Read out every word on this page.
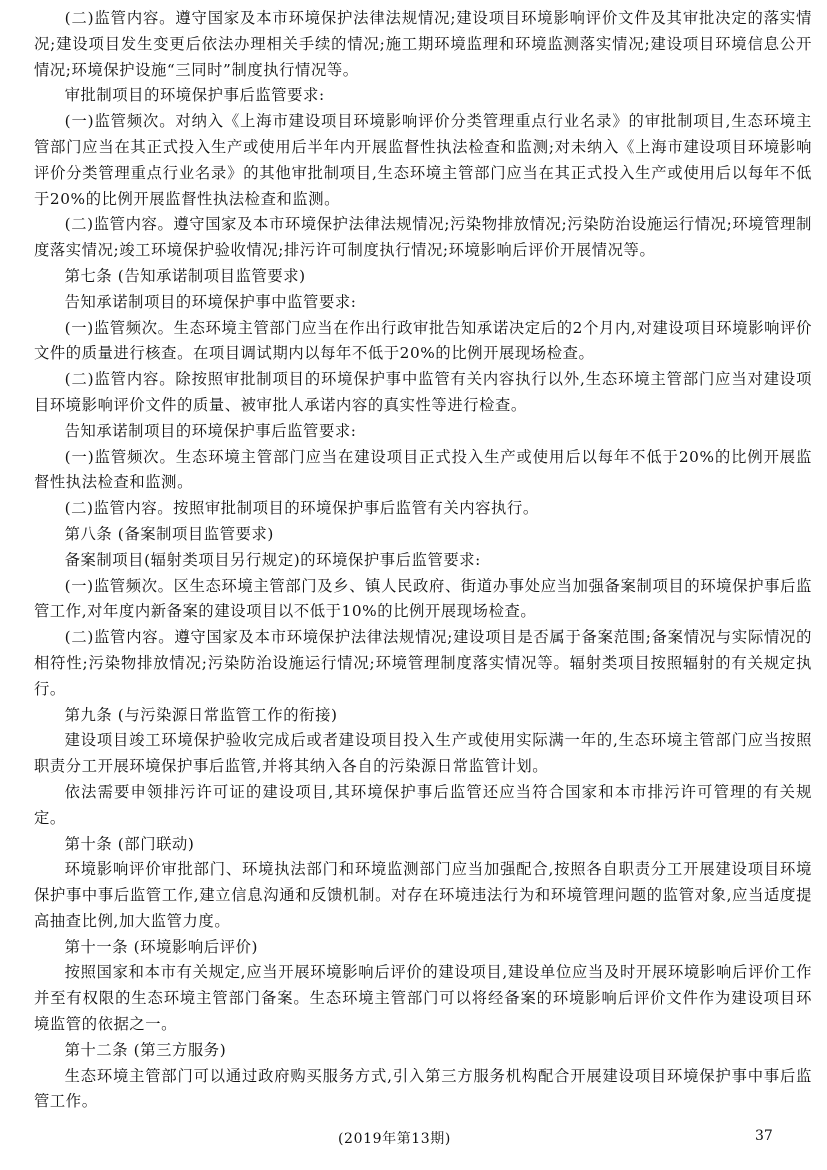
(二)监管内容。遵守国家及本市环境保护法律法规情况;建设项目环境影响评价文件及其审批决定的落实情况;建设项目发生变更后依法办理相关手续的情况;施工期环境监理和环境监测落实情况;建设项目环境信息公开情况;环境保护设施“三同时”制度执行情况等。

审批制项目的环境保护事后监管要求:

(一)监管频次。对纳入《上海市建设项目环境影响评价分类管理重点行业名录》的审批制项目,生态环境主管部门应当在其正式投入生产或使用后半年内开展监督性执法检查和监测;对未纳入《上海市建设项目环境影响评价分类管理重点行业名录》的其他审批制项目,生态环境主管部门应当在其正式投入生产或使用后以每年不低于20%的比例开展监督性执法检查和监测。

(二)监管内容。遵守国家及本市环境保护法律法规情况;污染物排放情况;污染防治设施运行情况;环境管理制度落实情况;竣工环境保护验收情况;排污许可制度执行情况;环境影响后评价开展情况等。

第七条 (告知承诺制项目监管要求)

告知承诺制项目的环境保护事中监管要求:

(一)监管频次。生态环境主管部门应当在作出行政审批告知承诺决定后的2个月内,对建设项目环境影响评价文件的质量进行核查。在项目调试期内以每年不低于20%的比例开展现场检查。

(二)监管内容。除按照审批制项目的环境保护事中监管有关内容执行以外,生态环境主管部门应当对建设项目环境影响评价文件的质量、被审批人承诺内容的真实性等进行检查。

告知承诺制项目的环境保护事后监管要求:

(一)监管频次。生态环境主管部门应当在建设项目正式投入生产或使用后以每年不低于20%的比例开展监督性执法检查和监测。

(二)监管内容。按照审批制项目的环境保护事后监管有关内容执行。

第八条 (备案制项目监管要求)

备案制项目(辐射类项目另行规定)的环境保护事后监管要求:

(一)监管频次。区生态环境主管部门及乡、镇人民政府、街道办事处应当加强备案制项目的环境保护事后监管工作,对年度内新备案的建设项目以不低于10%的比例开展现场检查。

(二)监管内容。遵守国家及本市环境保护法律法规情况;建设项目是否属于备案范围;备案情况与实际情况的相符性;污染物排放情况;污染防治设施运行情况;环境管理制度落实情况等。辐射类项目按照辐射的有关规定执行。

第九条 (与污染源日常监管工作的衔接)

建设项目竣工环境保护验收完成后或者建设项目投入生产或使用实际满一年的,生态环境主管部门应当按照职责分工开展环境保护事后监管,并将其纳入各自的污染源日常监管计划。

依法需要申领排污许可证的建设项目,其环境保护事后监管还应当符合国家和本市排污许可管理的有关规定。

第十条 (部门联动)

环境影响评价审批部门、环境执法部门和环境监测部门应当加强配合,按照各自职责分工开展建设项目环境保护事中事后监管工作,建立信息沟通和反馈机制。对存在环境违法行为和环境管理问题的监管对象,应当适度提高抽查比例,加大监管力度。

第十一条 (环境影响后评价)

按照国家和本市有关规定,应当开展环境影响后评价的建设项目,建设单位应当及时开展环境影响后评价工作并至有权限的生态环境主管部门备案。生态环境主管部门可以将经备案的环境影响后评价文件作为建设项目环境监管的依据之一。

第十二条 (第三方服务)

生态环境主管部门可以通过政府购买服务方式,引入第三方服务机构配合开展建设项目环境保护事中事后监管工作。

(2019年第13期)	37
